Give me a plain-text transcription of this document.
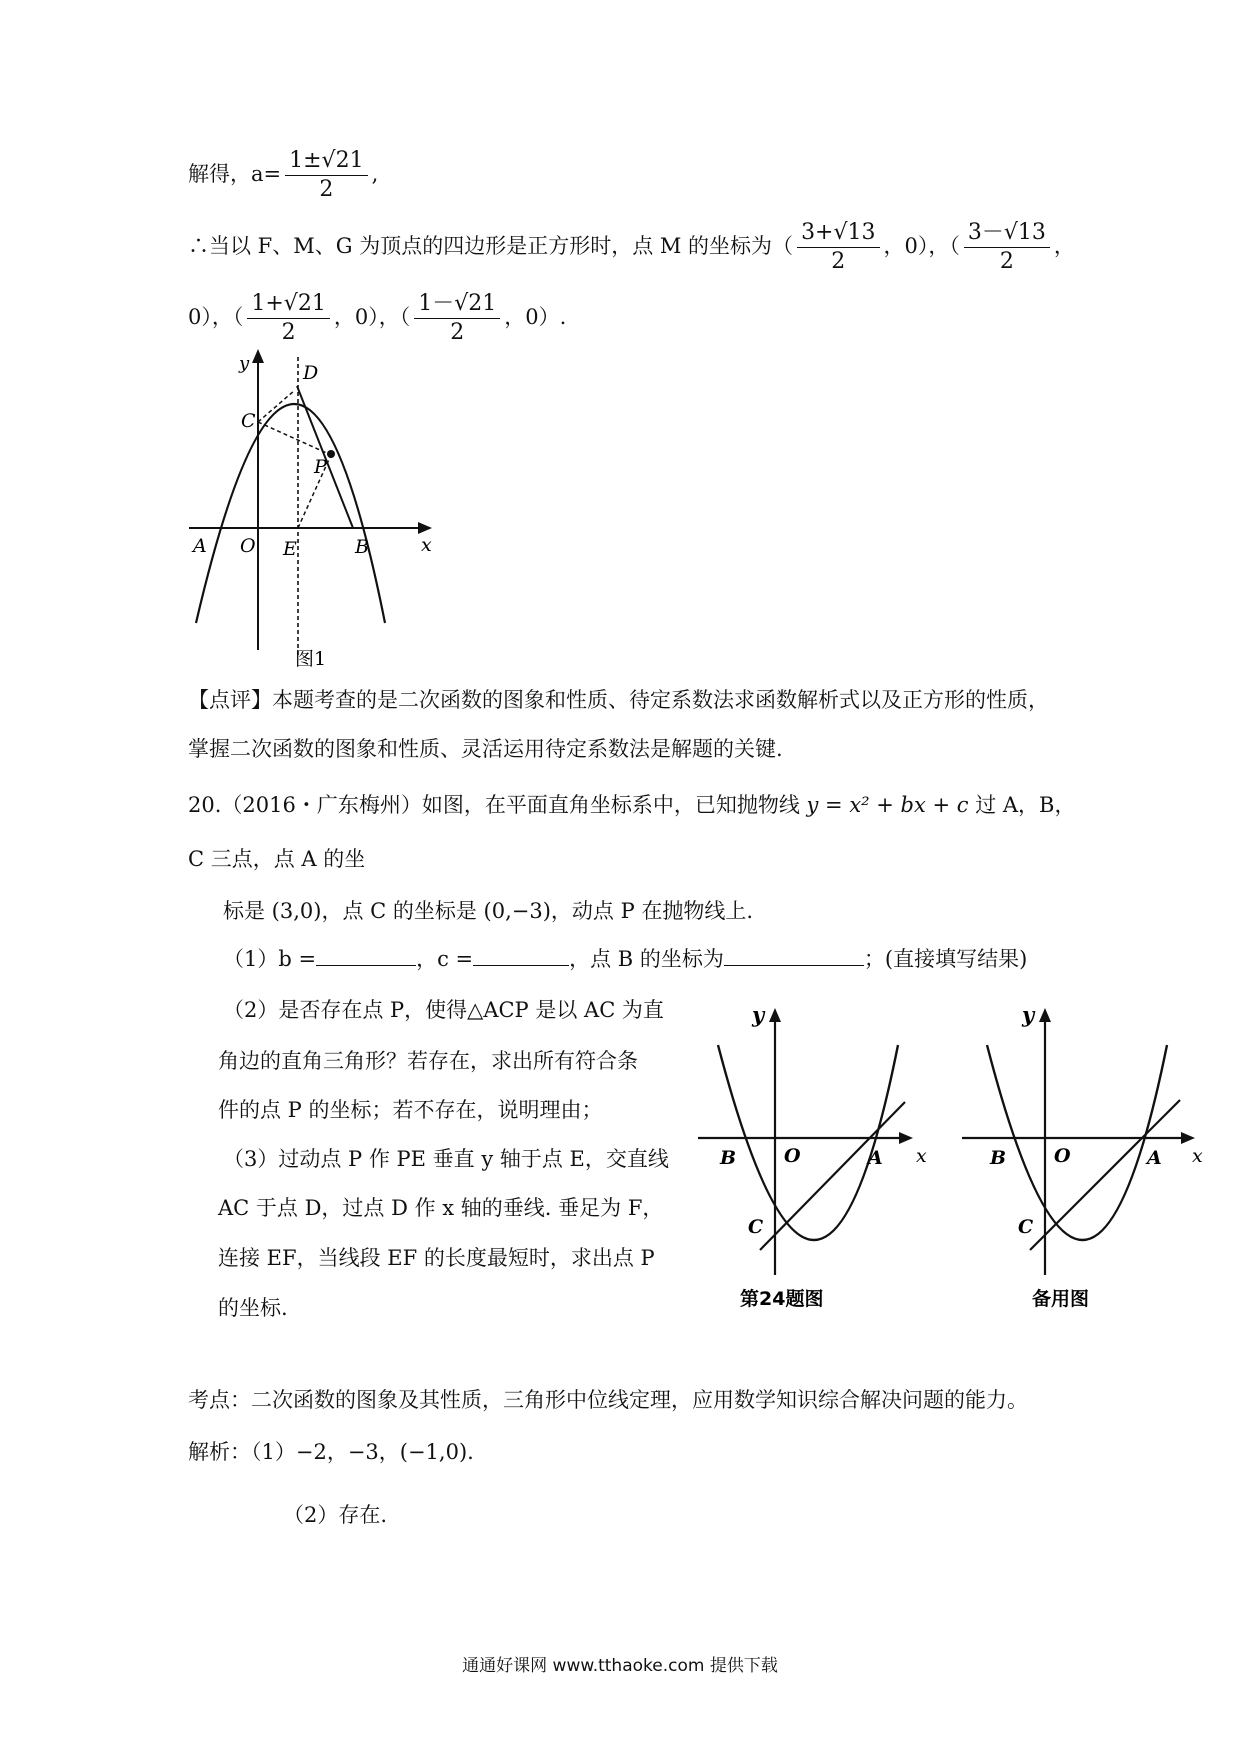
解得，$a= \frac{1\pm√21}{2}$ ,
∴当以 F、M、G 为顶点的四边形是正方形时，点 M 的坐标为（ $\frac{3+√13}{2}$ ，0），（ $\frac{3-√13}{2}$ ，
0），（ $\frac{1+√21}{2}$ ，0），（ $\frac{1-√21}{2}$ ，0）.
y	D
C
P
A O E	B	x
图1
【点评】本题考查的是二次函数的图象和性质、待定系数法求函数解析式以及正方形的性质，
掌握二次函数的图象和性质、灵活运用待定系数法是解题的关键.
20.（2016・广东梅州）如图，在平面直角坐标系中，已知抛物线 y = x² + bx + c 过 A，B，
C 三点，点 A 的坐
标是 (3,0)，点 C 的坐标是 (0,−3)，动点 P 在抛物线上.
（1）b =	，c =	，点 B 的坐标为	；(直接填写结果)
（2）是否存在点 P，使得△ACP 是以 AC 为直
角边的直角三角形？若存在，求出所有符合条
件的点 P 的坐标；若不存在，说明理由；
（3）过动点 P 作 PE 垂直 y 轴于点 E，交直线
AC 于点 D，过点 D 作 x 轴的垂线. 垂足为 F，
连接 EF，当线段 EF 的长度最短时，求出点 P
的坐标.
y
B	O	A x
C
第24题图
y
B	O	A x
C
备用图
考点：二次函数的图象及其性质，三角形中位线定理，应用数学知识综合解决问题的能力。
解析：（1）−2，−3，(−1,0).
（2）存在.
通通好课网 www.tthaoke.com 提供下载
